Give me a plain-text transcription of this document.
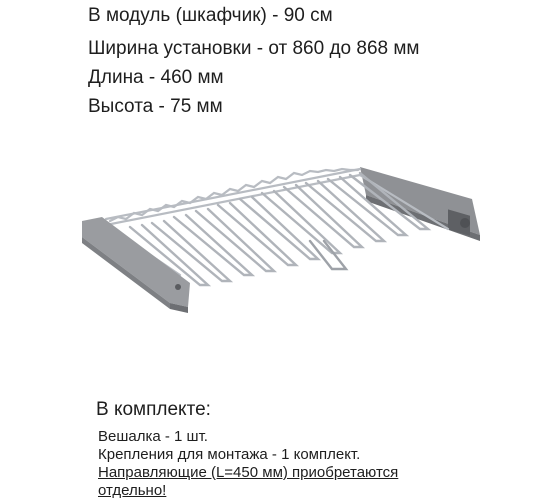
В модуль (шкафчик) - 90 см

Ширина установки - от 860 до 868 мм

Длина - 460 мм

Высота - 75 мм

В комплекте:

Вешалка - 1 шт.

Крепления для монтажа - 1 комплект.

Направляющие (L=450 мм) приобретаются отдельно!
